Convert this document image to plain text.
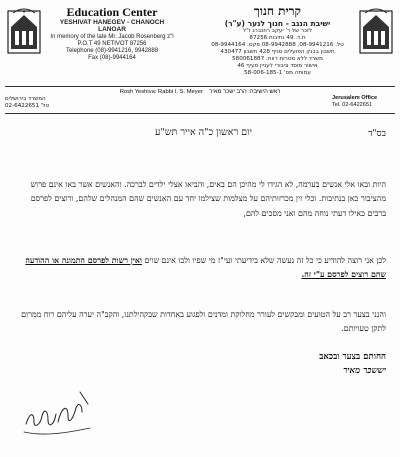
♦	Education Center
YESHIVAT HANEGEV - CHANOCH LANOAR
In memory of the late Mr. Jacob Rosenberg z"l
P.O.T 49 NETIVOT 87256
Telephone (08)-9941216, 9942888
Fax (08)-9944164
קרית חנוך
ישיבת הנגב - חנוך לנער (ע"ר)
לזכר של ר' יעקב רוזנברג ז"ל
ת.ד. 49 נתיבות 87256
טל. 08-9941216, 08-9942888 פקס. 08-9944164
חשבון בבנק הפועלים סניף 428 חשבון 430477
משרד ללא מטרות רווח: 580061887
אישור מוסד ציבורי לעניין סעיף 46
עמותה מס' 58-006-185-1
Rosh Yeshiva: Rabbi I. S. Meyer ראש הישיבה: הרב ישכר מאיר
המשרד בירושלים
טל' 02-6422651
Jerusalem Office
Tel. 02-6422651
בס"ד
יום ראשון כ"ה אייר תש"ע
היות ובאו אלי אנשים בערמה, לא הגידו לי מהיכן הם באים, והביאו אצלי ילדים לברכה. והאנשים אשר באו אינם פרוש מהציבור כאן בנתיבות. וכלי זין מכרזותיהם על מצלמות שצילמו יחד עם האנשים שהם המנהלים שלהם, ורוצים לפרסם ברבים כאילו דעתי נוחה מהם ואני מסכים להם,
לכן אני רוצה להודיע כי כל זה נעשה שלא בידיעתי ועי"ז מי שפיו ולבו אינם שוים ואין רשות לפרסם התמונה או ההודעה שהם רוצים לפרסם ע"י זה.
והנני בצער רב על הטועים ומבקשים לעורר מחלוקת ומדנים ולפגוע באחדות שבקהילתנו, והקב"ה יערה עליהם רוח ממרום לתקן טעויותם.
החותם בצער ובכאב
יששכר מאיר
